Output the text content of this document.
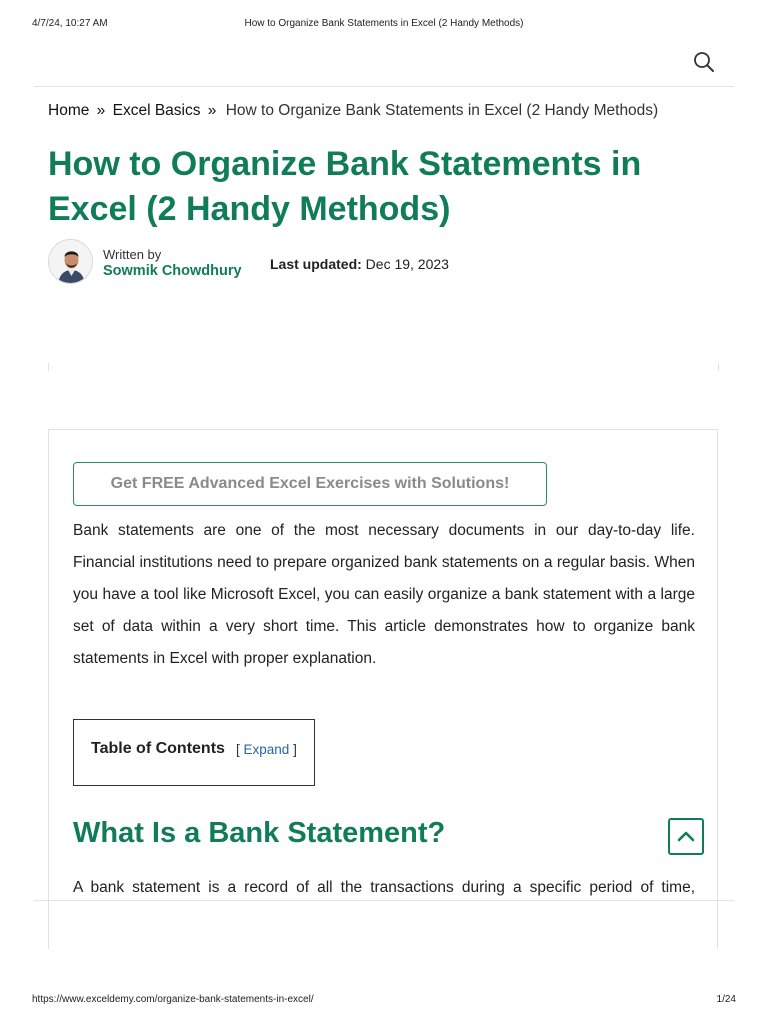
4/7/24, 10:27 AM	How to Organize Bank Statements in Excel (2 Handy Methods)
Home » Excel Basics » How to Organize Bank Statements in Excel (2 Handy Methods)
How to Organize Bank Statements in Excel (2 Handy Methods)
Written by
Sowmik Chowdhury Last updated: Dec 19, 2023
Get FREE Advanced Excel Exercises with Solutions!

Bank statements are one of the most necessary documents in our day-to-day life. Financial institutions need to prepare organized bank statements on a regular basis. When you have a tool like Microsoft Excel, you can easily organize a bank statement with a large set of data within a very short time. This article demonstrates how to organize bank statements in Excel with proper explanation.

Table of Contents [ Expand ]
What Is a Bank Statement?

A bank statement is a record of all the transactions during a specific period of time,

https://www.exceldemy.com/organize-bank-statements-in-excel/	1/24
